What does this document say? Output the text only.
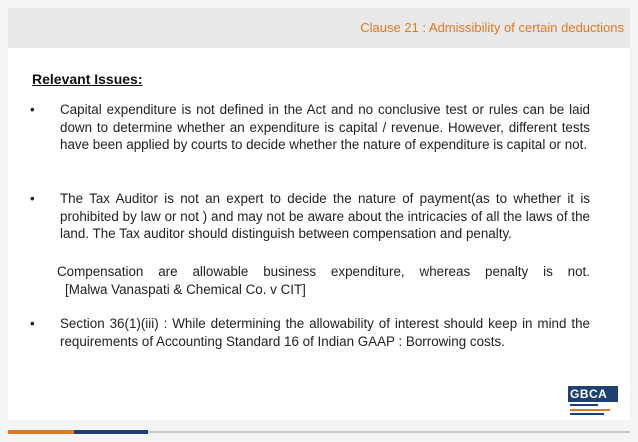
Clause 21 : Admissibility of certain deductions
Relevant Issues:
• Capital expenditure is not defined in the Act and no conclusive test or rules can be laid down to determine whether an expenditure is capital / revenue. However, different tests have been applied by courts to decide whether the nature of expenditure is capital or not.
• The Tax Auditor is not an expert to decide the nature of payment(as to whether it is prohibited by law or not ) and may not be aware about the intricacies of all the laws of the land. The Tax auditor should distinguish between compensation and penalty.
Compensation are allowable business expenditure, whereas penalty is not.
[Malwa Vanaspati & Chemical Co. v CIT]
• Section 36(1)(iii) : While determining the allowability of interest should keep in mind the requirements of Accounting Standard 16 of Indian GAAP : Borrowing costs.
GBCA
